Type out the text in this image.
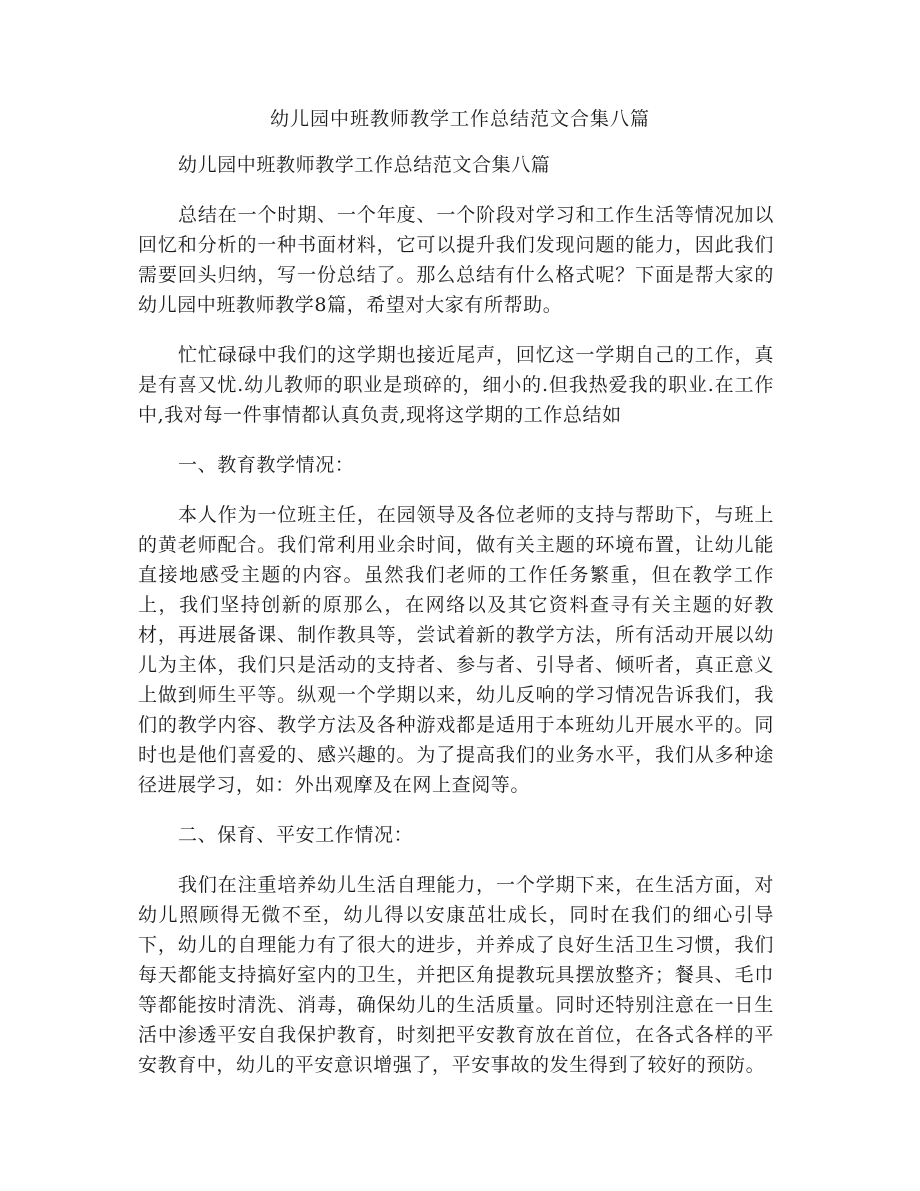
幼儿园中班教师教学工作总结范文合集八篇

幼儿园中班教师教学工作总结范文合集八篇

总结在一个时期、一个年度、一个阶段对学习和工作生活等情况加以回忆和分析的一种书面材料，它可以提升我们发现问题的能力，因此我们需要回头归纳，写一份总结了。那么总结有什么格式呢？下面是帮大家的幼儿园中班教师教学8篇，希望对大家有所帮助。

忙忙碌碌中我们的这学期也接近尾声，回忆这一学期自己的工作，真是有喜又忧.幼儿教师的职业是琐碎的，细小的.但我热爱我的职业.在工作中,我对每一件事情都认真负责,现将这学期的工作总结如

一、教育教学情况：

本人作为一位班主任，在园领导及各位老师的支持与帮助下，与班上的黄老师配合。我们常利用业余时间，做有关主题的环境布置，让幼儿能直接地感受主题的内容。虽然我们老师的工作任务繁重，但在教学工作上，我们坚持创新的原那么，在网络以及其它资料查寻有关主题的好教材，再进展备课、制作教具等，尝试着新的教学方法，所有活动开展以幼儿为主体，我们只是活动的支持者、参与者、引导者、倾听者，真正意义上做到师生平等。纵观一个学期以来，幼儿反响的学习情况告诉我们，我们的教学内容、教学方法及各种游戏都是适用于本班幼儿开展水平的。同时也是他们喜爱的、感兴趣的。为了提高我们的业务水平，我们从多种途径进展学习，如：外出观摩及在网上查阅等。

二、保育、平安工作情况：

我们在注重培养幼儿生活自理能力，一个学期下来，在生活方面，对幼儿照顾得无微不至，幼儿得以安康茁壮成长，同时在我们的细心引导下，幼儿的自理能力有了很大的进步，并养成了良好生活卫生习惯，我们每天都能支持搞好室内的卫生，并把区角提教玩具摆放整齐；餐具、毛巾等都能按时清洗、消毒，确保幼儿的生活质量。同时还特别注意在一日生活中渗透平安自我保护教育，时刻把平安教育放在首位，在各式各样的平安教育中，幼儿的平安意识增强了，平安事故的发生得到了较好的预防。
